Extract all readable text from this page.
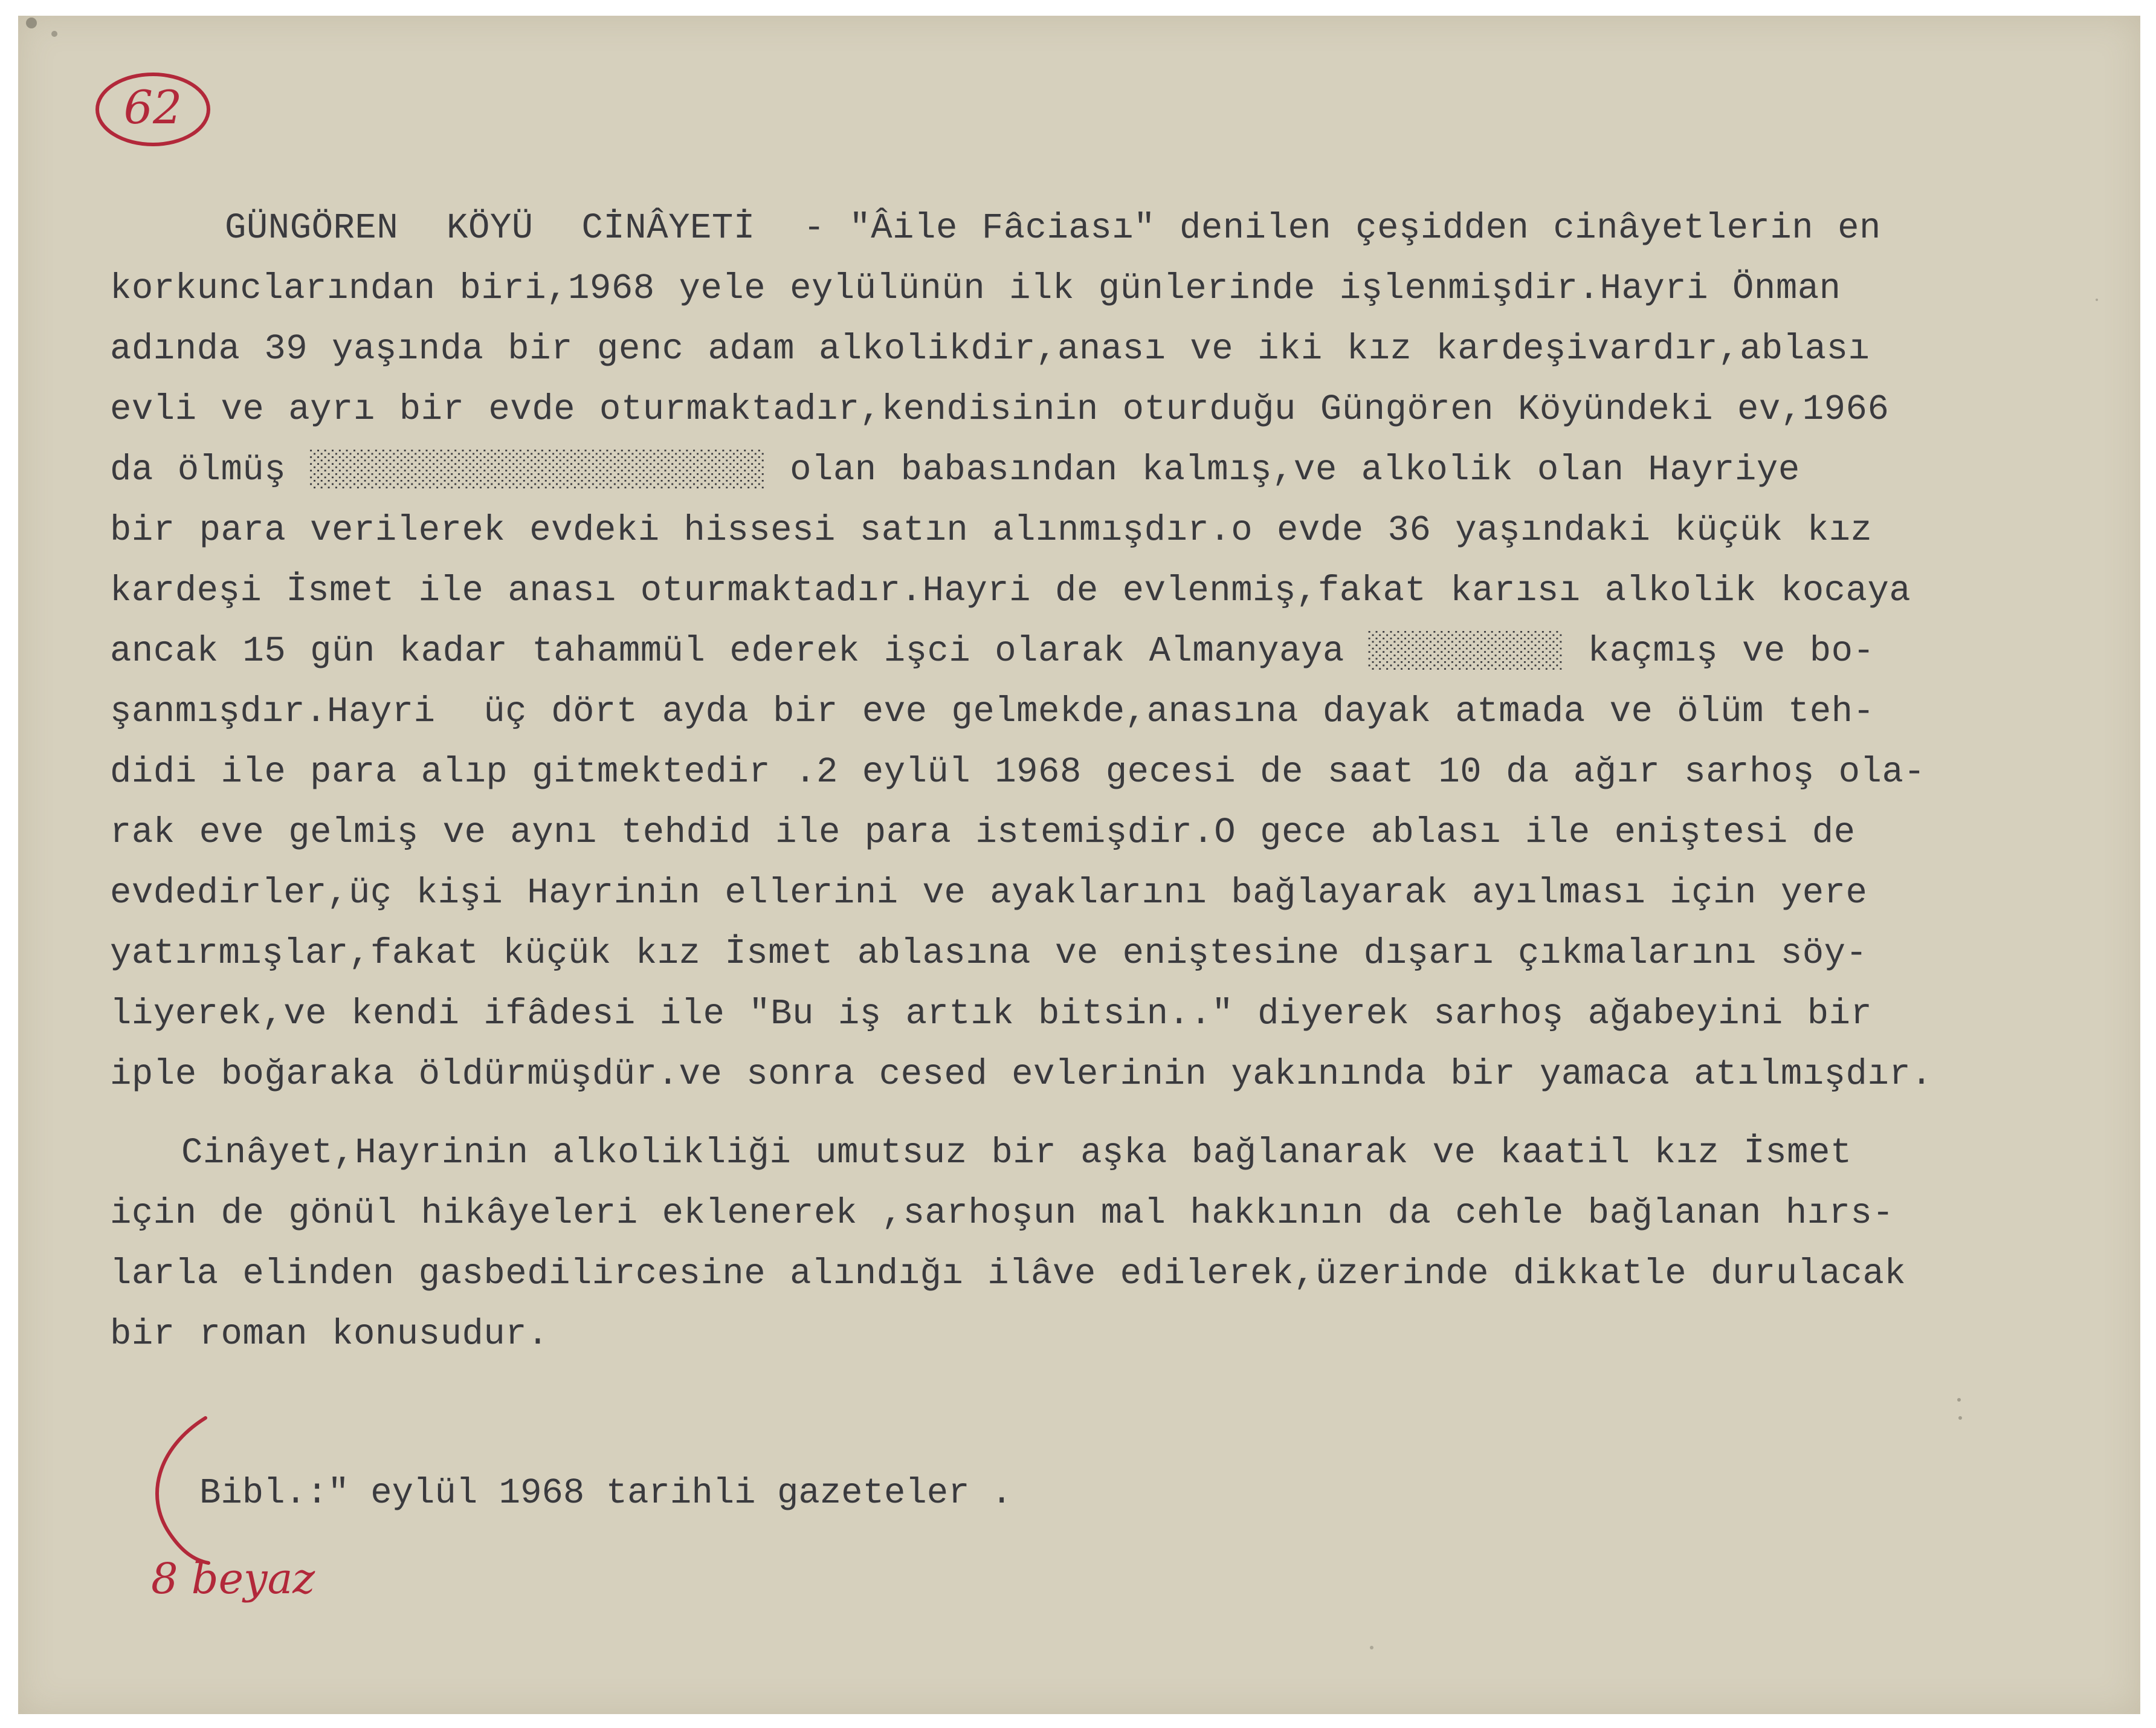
62

GÜNGÖREN  KÖYÜ  CİNÂYETİ  - "Âile Fâciası" denilen çeşidden cinâyetlerin en

korkunclarından biri,1968 yele eylülünün ilk günlerinde işlenmişdir.Hayri Önman

adında 39 yaşında bir genc adam alkolikdir,anası ve iki kız kardeşivardır,ablası

evli ve ayrı bir evde oturmaktadır,kendisinin oturduğu Güngören Köyündeki ev,1966

da ölmüş ░░░░░░░░░░░░░░░░░░░░░ olan babasından kalmış,ve alkolik olan Hayriye

bir para verilerek evdeki hissesi satın alınmışdır.o evde 36 yaşındaki küçük kız

kardeşi İsmet ile anası oturmaktadır.Hayri de evlenmiş,fakat karısı alkolik kocaya

ancak 15 gün kadar tahammül ederek işci olarak Almanyaya ░░░░░░░░░ kaçmış ve bo-

şanmışdır.Hayri  üç dört ayda bir eve gelmekde,anasına dayak atmada ve ölüm teh-

didi ile para alıp gitmektedir .2 eylül 1968 gecesi de saat 10 da ağır sarhoş ola-

rak eve gelmiş ve aynı tehdid ile para istemişdir.O gece ablası ile eniştesi de

evdedirler,üç kişi Hayrinin ellerini ve ayaklarını bağlayarak ayılması için yere

yatırmışlar,fakat küçük kız İsmet ablasına ve eniştesine dışarı çıkmalarını söy-

liyerek,ve kendi ifâdesi ile "Bu iş artık bitsin.." diyerek sarhoş ağabeyini bir

iple boğaraka öldürmüşdür.ve sonra cesed evlerinin yakınında bir yamaca atılmışdır.

Cinâyet,Hayrinin alkolikliği umutsuz bir aşka bağlanarak ve kaatil kız İsmet

için de gönül hikâyeleri eklenerek ,sarhoşun mal hakkının da cehle bağlanan hırs-

larla elinden gasbedilircesine alındığı ilâve edilerek,üzerinde dikkatle durulacak

bir roman konusudur.

Bibl.:" eylül 1968 tarihli gazeteler .
8 beyaz
